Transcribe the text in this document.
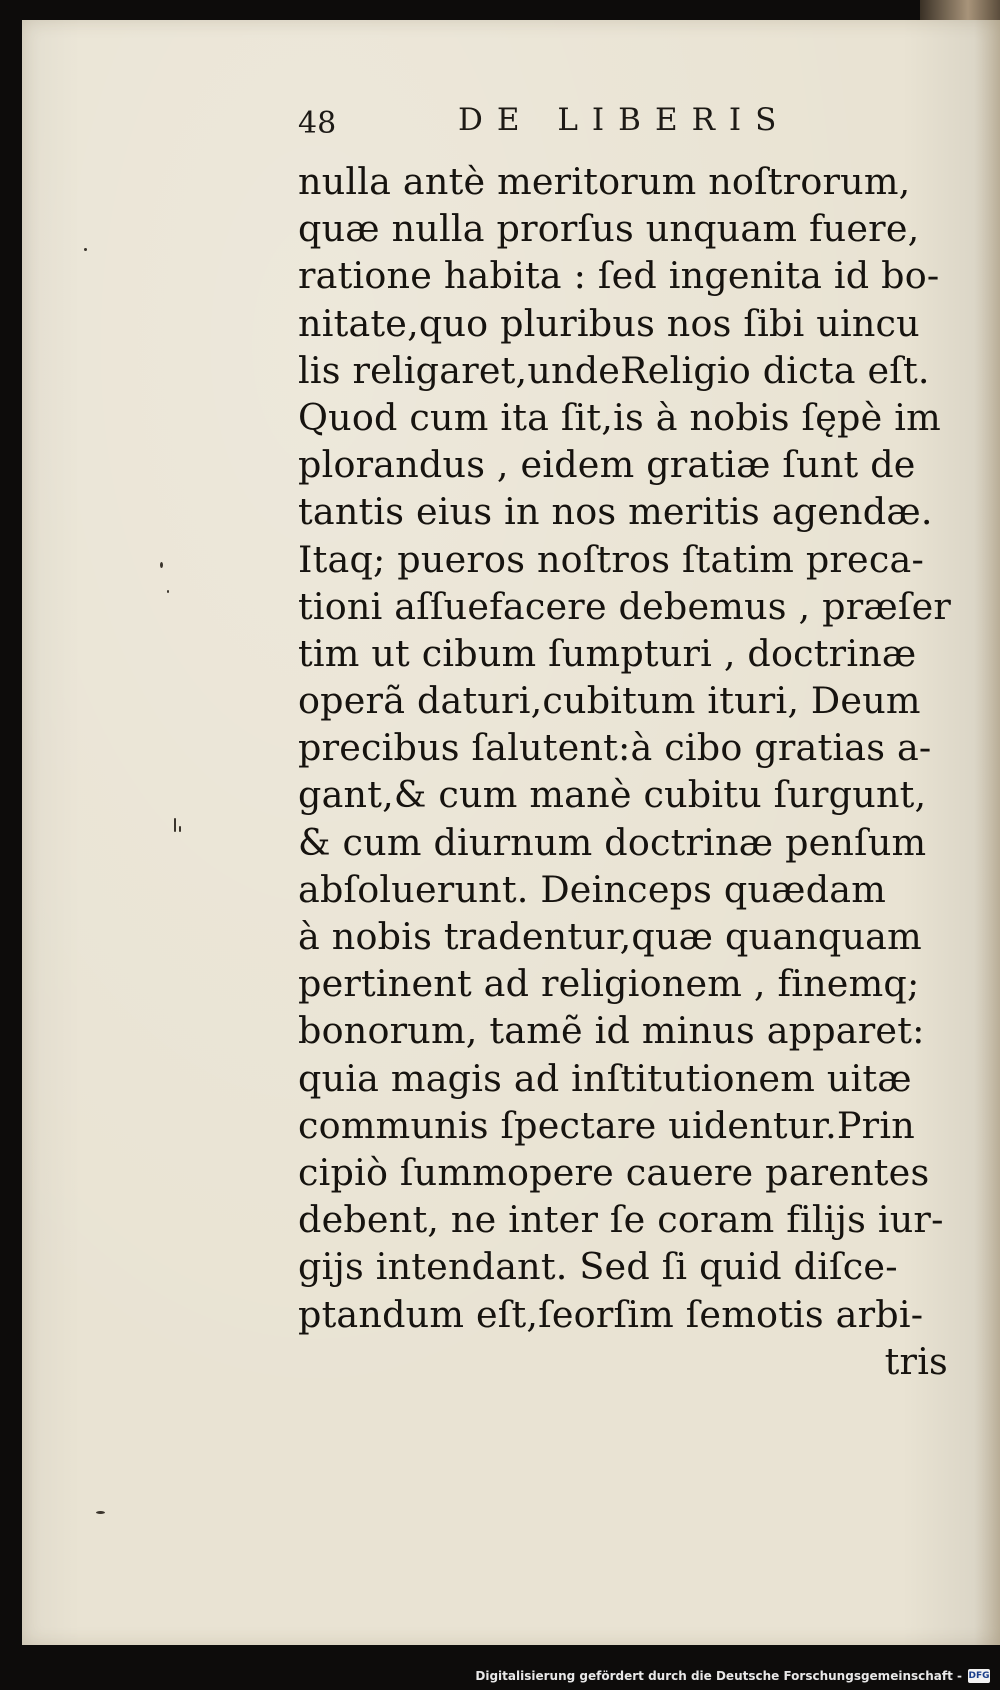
48	DE LIBERIS
nulla antè meritorum noſtrorum,
quæ nulla prorſus unquam fuere,
ratione habita : ſed ingenita id bo-
nitate,quo pluribus nos ſibi uincu
lis religaret,undeReligio dicta eſt.
Quod cum ita ſit,is à nobis ſępè im
plorandus , eidem gratiæ ſunt de
tantis eius in nos meritis agendæ.
Itaq; pueros noſtros ſtatim preca-
tioni aſſuefacere debemus , præſer
tim ut cibum ſumpturi , doctrinæ
operã daturi,cubitum ituri, Deum
precibus ſalutent:à cibo gratias a-
gant,& cum manè cubitu ſurgunt,
& cum diurnum doctrinæ penſum
abſoluerunt. Deinceps quædam
à nobis tradentur,quæ quanquam
pertinent ad religionem , finemq;
bonorum, tamẽ id minus apparet:
quia magis ad inſtitutionem uitæ
communis ſpectare uidentur.Prin
cipiò ſummopere cauere parentes
debent, ne inter ſe coram filijs iur-
gijs intendant. Sed ſi quid diſce-
ptandum eſt,ſeorſim ſemotis arbi-
tris
Digitalisierung gefördert durch die Deutsche Forschungsgemeinschaft - DFG
